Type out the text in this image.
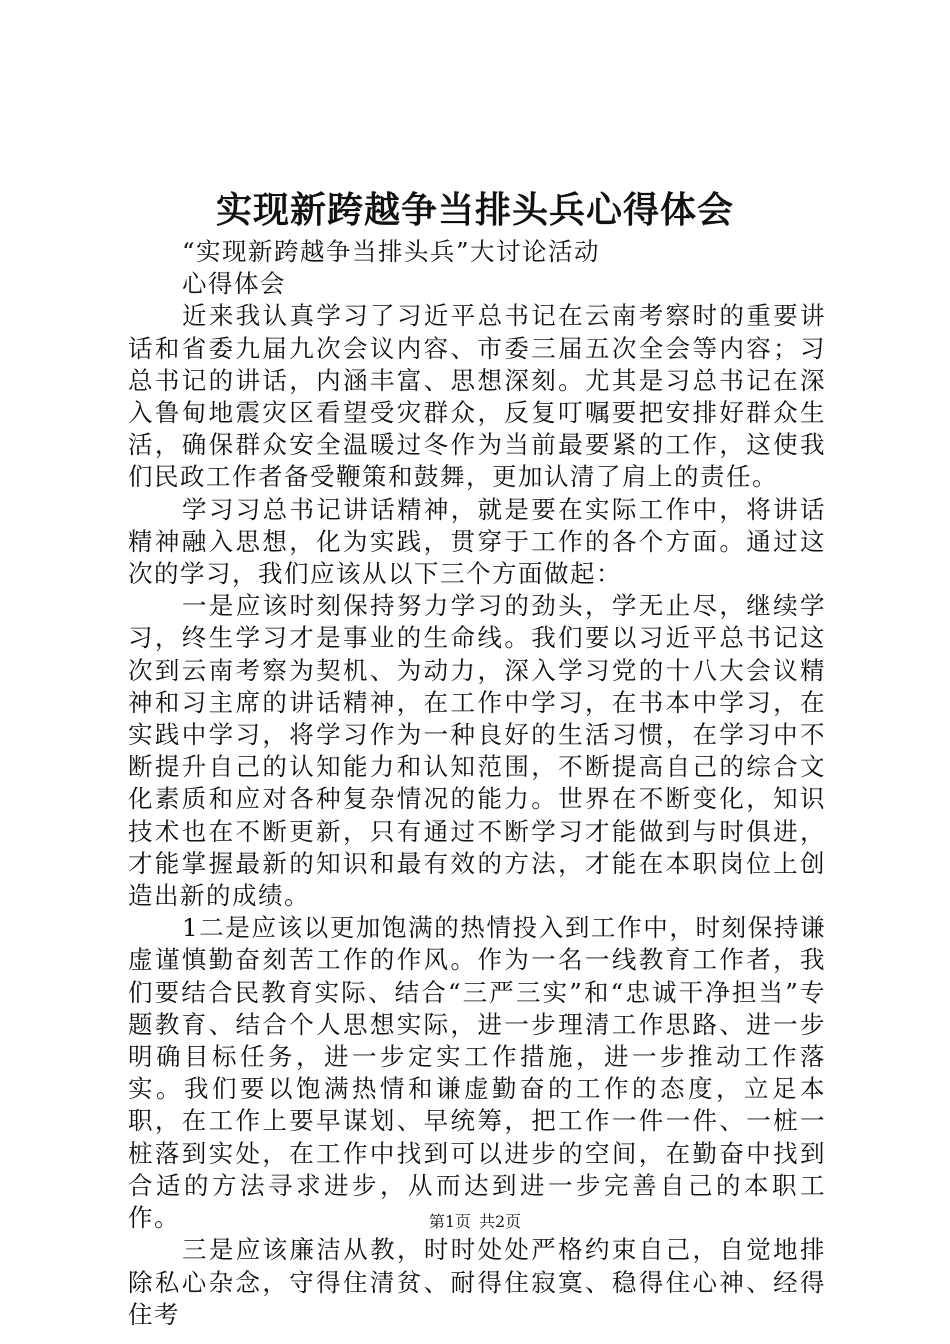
实现新跨越争当排头兵心得体会

“实现新跨越争当排头兵”大讨论活动

心得体会

近来我认真学习了习近平总书记在云南考察时的重要讲话和省委九届九次会议内容、市委三届五次全会等内容；习总书记的讲话，内涵丰富、思想深刻。尤其是习总书记在深入鲁甸地震灾区看望受灾群众，反复叮嘱要把安排好群众生活，确保群众安全温暖过冬作为当前最要紧的工作，这使我们民政工作者备受鞭策和鼓舞，更加认清了肩上的责任。

学习习总书记讲话精神，就是要在实际工作中，将讲话精神融入思想，化为实践，贯穿于工作的各个方面。通过这次的学习，我们应该从以下三个方面做起：

一是应该时刻保持努力学习的劲头，学无止尽，继续学习，终生学习才是事业的生命线。我们要以习近平总书记这次到云南考察为契机、为动力，深入学习党的十八大会议精神和习主席的讲话精神，在工作中学习，在书本中学习，在实践中学习，将学习作为一种良好的生活习惯，在学习中不断提升自己的认知能力和认知范围，不断提高自己的综合文化素质和应对各种复杂情况的能力。世界在不断变化，知识技术也在不断更新，只有通过不断学习才能做到与时俱进，才能掌握最新的知识和最有效的方法，才能在本职岗位上创造出新的成绩。

1二是应该以更加饱满的热情投入到工作中，时刻保持谦虚谨慎勤奋刻苦工作的作风。作为一名一线教育工作者，我们要结合民教育实际、结合“三严三实”和“忠诚干净担当”专题教育、结合个人思想实际，进一步理清工作思路、进一步明确目标任务，进一步定实工作措施，进一步推动工作落实。我们要以饱满热情和谦虚勤奋的工作的态度，立足本职，在工作上要早谋划、早统筹，把工作一件一件、一桩一桩落到实处，在工作中找到可以进步的空间，在勤奋中找到合适的方法寻求进步，从而达到进一步完善自己的本职工作。

三是应该廉洁从教，时时处处严格约束自己，自觉地排除私心杂念，守得住清贫、耐得住寂寞、稳得住心神、经得住考

第1页 共2页
